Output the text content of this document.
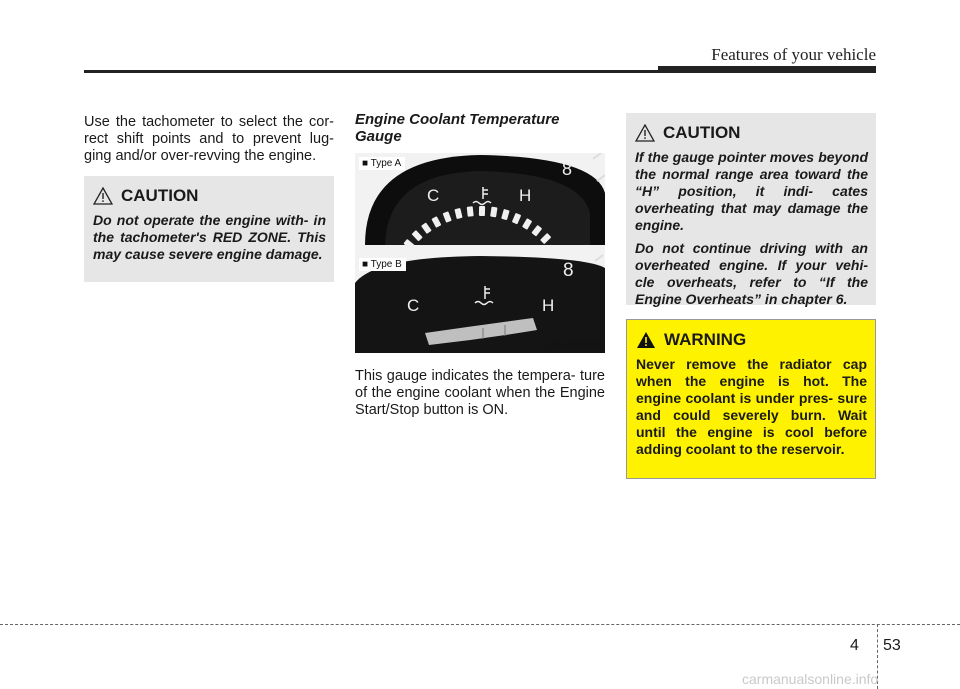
Features of your vehicle

Use the tachometer to select the cor- rect shift points and to prevent lug- ging and/or over-revving the engine.

CAUTION

Do not operate the engine with- in the tachometer's RED ZONE. This may cause severe engine damage.

Engine Coolant Temperature Gauge
C	H
8
8
C	H
■ Type A
■ Type B
OKH042057

This gauge indicates the tempera- ture of the engine coolant when the Engine Start/Stop button is ON.

CAUTION

If the gauge pointer moves beyond the normal range area toward the “H” position, it indi- cates overheating that may damage the engine.

Do not continue driving with an overheated engine. If your vehi- cle overheats, refer to “If the Engine Overheats” in chapter 6.

WARNING

Never remove the radiator cap when the engine is hot. The engine coolant is under pres- sure and could severely burn. Wait until the engine is cool before adding coolant to the reservoir.

4 53
carmanualsonline.info
